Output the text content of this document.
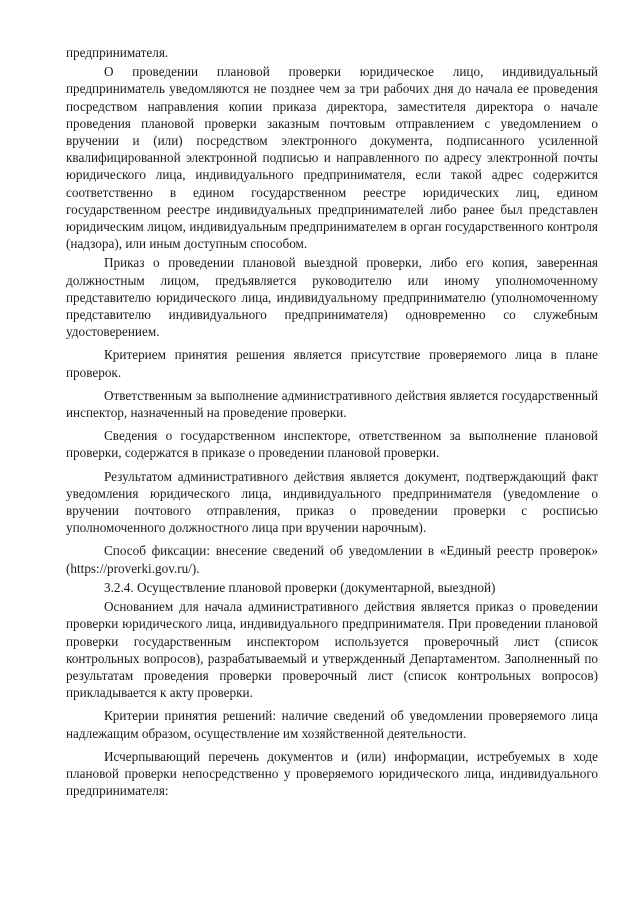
предпринимателя.

О проведении плановой проверки юридическое лицо, индивидуальный предприниматель уведомляются не позднее чем за три рабочих дня до начала ее проведения посредством направления копии приказа директора, заместителя директора о начале проведения плановой проверки заказным почтовым отправлением с уведомлением о вручении и (или) посредством электронного документа, подписанного усиленной квалифицированной электронной подписью и направленного по адресу электронной почты юридического лица, индивидуального предпринимателя, если такой адрес содержится соответственно в едином государственном реестре юридических лиц, едином государственном реестре индивидуальных предпринимателей либо ранее был представлен юридическим лицом, индивидуальным предпринимателем в орган государственного контроля (надзора), или иным доступным способом.

Приказ о проведении плановой выездной проверки, либо его копия, заверенная должностным лицом, предъявляется руководителю или иному уполномоченному представителю юридического лица, индивидуальному предпринимателю (уполномоченному представителю индивидуального предпринимателя) одновременно со служебным удостоверением.

Критерием принятия решения является присутствие проверяемого лица в плане проверок.

Ответственным за выполнение административного действия является государственный инспектор, назначенный на проведение проверки.

Сведения о государственном инспекторе, ответственном за выполнение плановой проверки, содержатся в приказе о проведении плановой проверки.

Результатом административного действия является документ, подтверждающий факт уведомления юридического лица, индивидуального предпринимателя (уведомление о вручении почтового отправления, приказ о проведении проверки с росписью уполномоченного должностного лица при вручении нарочным).

Способ фиксации: внесение сведений об уведомлении в «Единый реестр проверок» (https://proverki.gov.ru/).

3.2.4. Осуществление плановой проверки (документарной, выездной)

Основанием для начала административного действия является приказ о проведении проверки юридического лица, индивидуального предпринимателя. При проведении плановой проверки государственным инспектором используется проверочный лист (список контрольных вопросов), разрабатываемый и утвержденный Департаментом. Заполненный по результатам проведения проверки проверочный лист (список контрольных вопросов) прикладывается к акту проверки.

Критерии принятия решений: наличие сведений об уведомлении проверяемого лица надлежащим образом, осуществление им хозяйственной деятельности.

Исчерпывающий перечень документов и (или) информации, истребуемых в ходе плановой проверки непосредственно у проверяемого юридического лица, индивидуального предпринимателя:
